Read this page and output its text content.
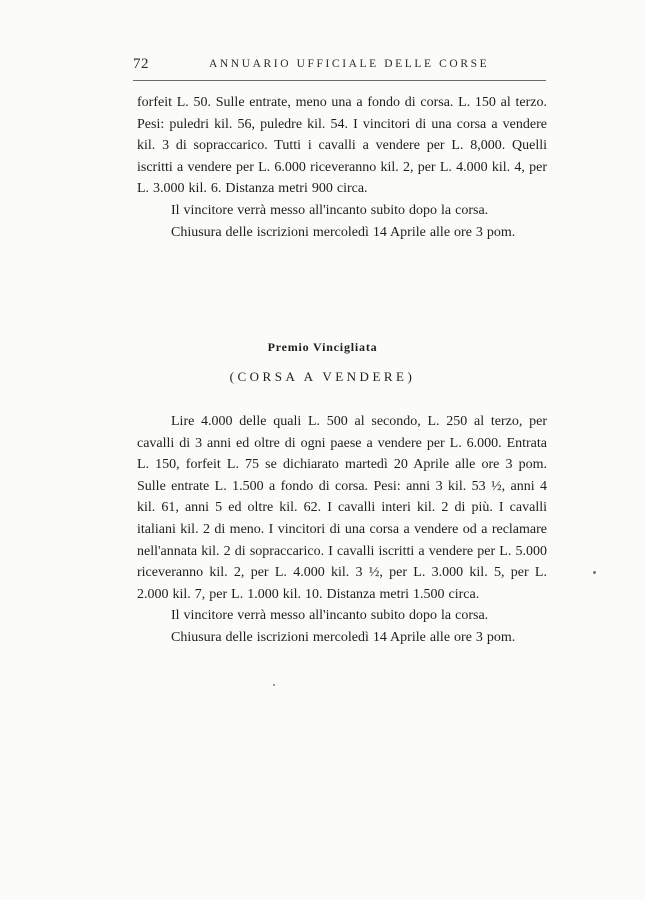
72	ANNUARIO UFFICIALE DELLE CORSE

forfeit L. 50. Sulle entrate, meno una a fondo di corsa. L. 150 al terzo. Pesi: puledri kil. 56, puledre kil. 54. I vincitori di una corsa a vendere kil. 3 di sopraccarico. Tutti i cavalli a vendere per L. 8,000. Quelli iscritti a vendere per L. 6.000 riceveranno kil. 2, per L. 4.000 kil. 4, per L. 3.000 kil. 6. Distanza metri 900 circa.

Il vincitore verrà messo all'incanto subito dopo la corsa.

Chiusura delle iscrizioni mercoledì 14 Aprile alle ore 3 pom.

Premio Vincigliata
(CORSA A VENDERE)

Lire 4.000 delle quali L. 500 al secondo, L. 250 al terzo, per cavalli di 3 anni ed oltre di ogni paese a vendere per L. 6.000. Entrata L. 150, forfeit L. 75 se dichiarato martedì 20 Aprile alle ore 3 pom. Sulle entrate L. 1.500 a fondo di corsa. Pesi: anni 3 kil. 53 ½, anni 4 kil. 61, anni 5 ed oltre kil. 62. I cavalli interi kil. 2 di più. I cavalli italiani kil. 2 di meno. I vincitori di una corsa a vendere od a reclamare nell'annata kil. 2 di sopraccarico. I cavalli iscritti a vendere per L. 5.000 riceveranno kil. 2, per L. 4.000 kil. 3 ½, per L. 3.000 kil. 5, per L. 2.000 kil. 7, per L. 1.000 kil. 10. Distanza metri 1.500 circa.

Il vincitore verrà messo all'incanto subito dopo la corsa.

Chiusura delle iscrizioni mercoledì 14 Aprile alle ore 3 pom.
